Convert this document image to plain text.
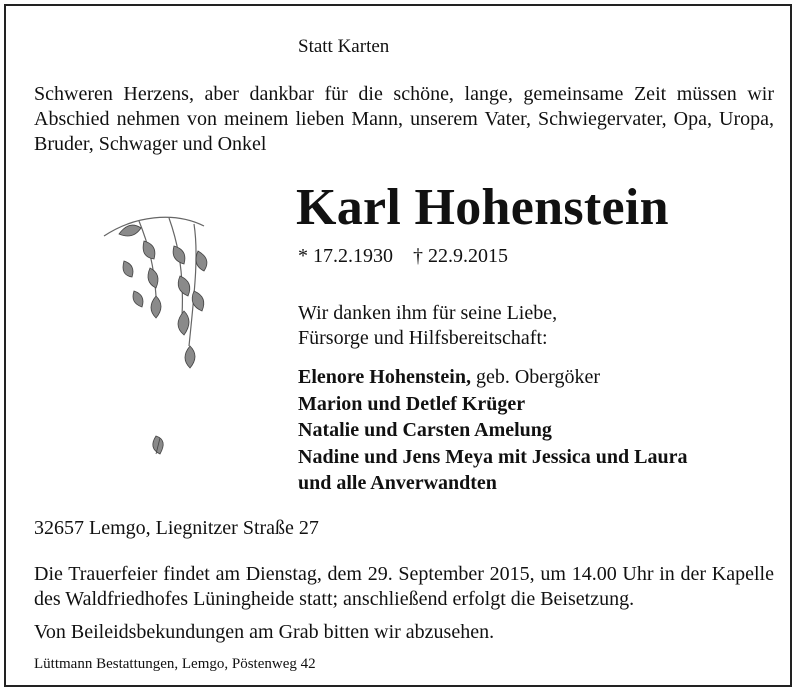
Statt Karten
Schweren Herzens, aber dankbar für die schöne, lange, gemeinsame Zeit müssen wir Abschied nehmen von meinem lieben Mann, unserem Vater, Schwiegervater, Opa, Uropa, Bruder, Schwager und Onkel
Karl Hohenstein
* 17.2.1930 † 22.9.2015
Wir danken ihm für seine Liebe,
Fürsorge und Hilfsbereitschaft:
Elenore Hohenstein, geb. Obergöker
Marion und Detlef Krüger
Natalie und Carsten Amelung
Nadine und Jens Meya mit Jessica und Laura
und alle Anverwandten
32657 Lemgo, Liegnitzer Straße 27
Die Trauerfeier findet am Dienstag, dem 29. September 2015, um 14.00 Uhr in der Kapelle des Waldfriedhofes Lüningheide statt; anschließend erfolgt die Beisetzung.
Von Beileidsbekundungen am Grab bitten wir abzusehen.
Lüttmann Bestattungen, Lemgo, Pöstenweg 42
